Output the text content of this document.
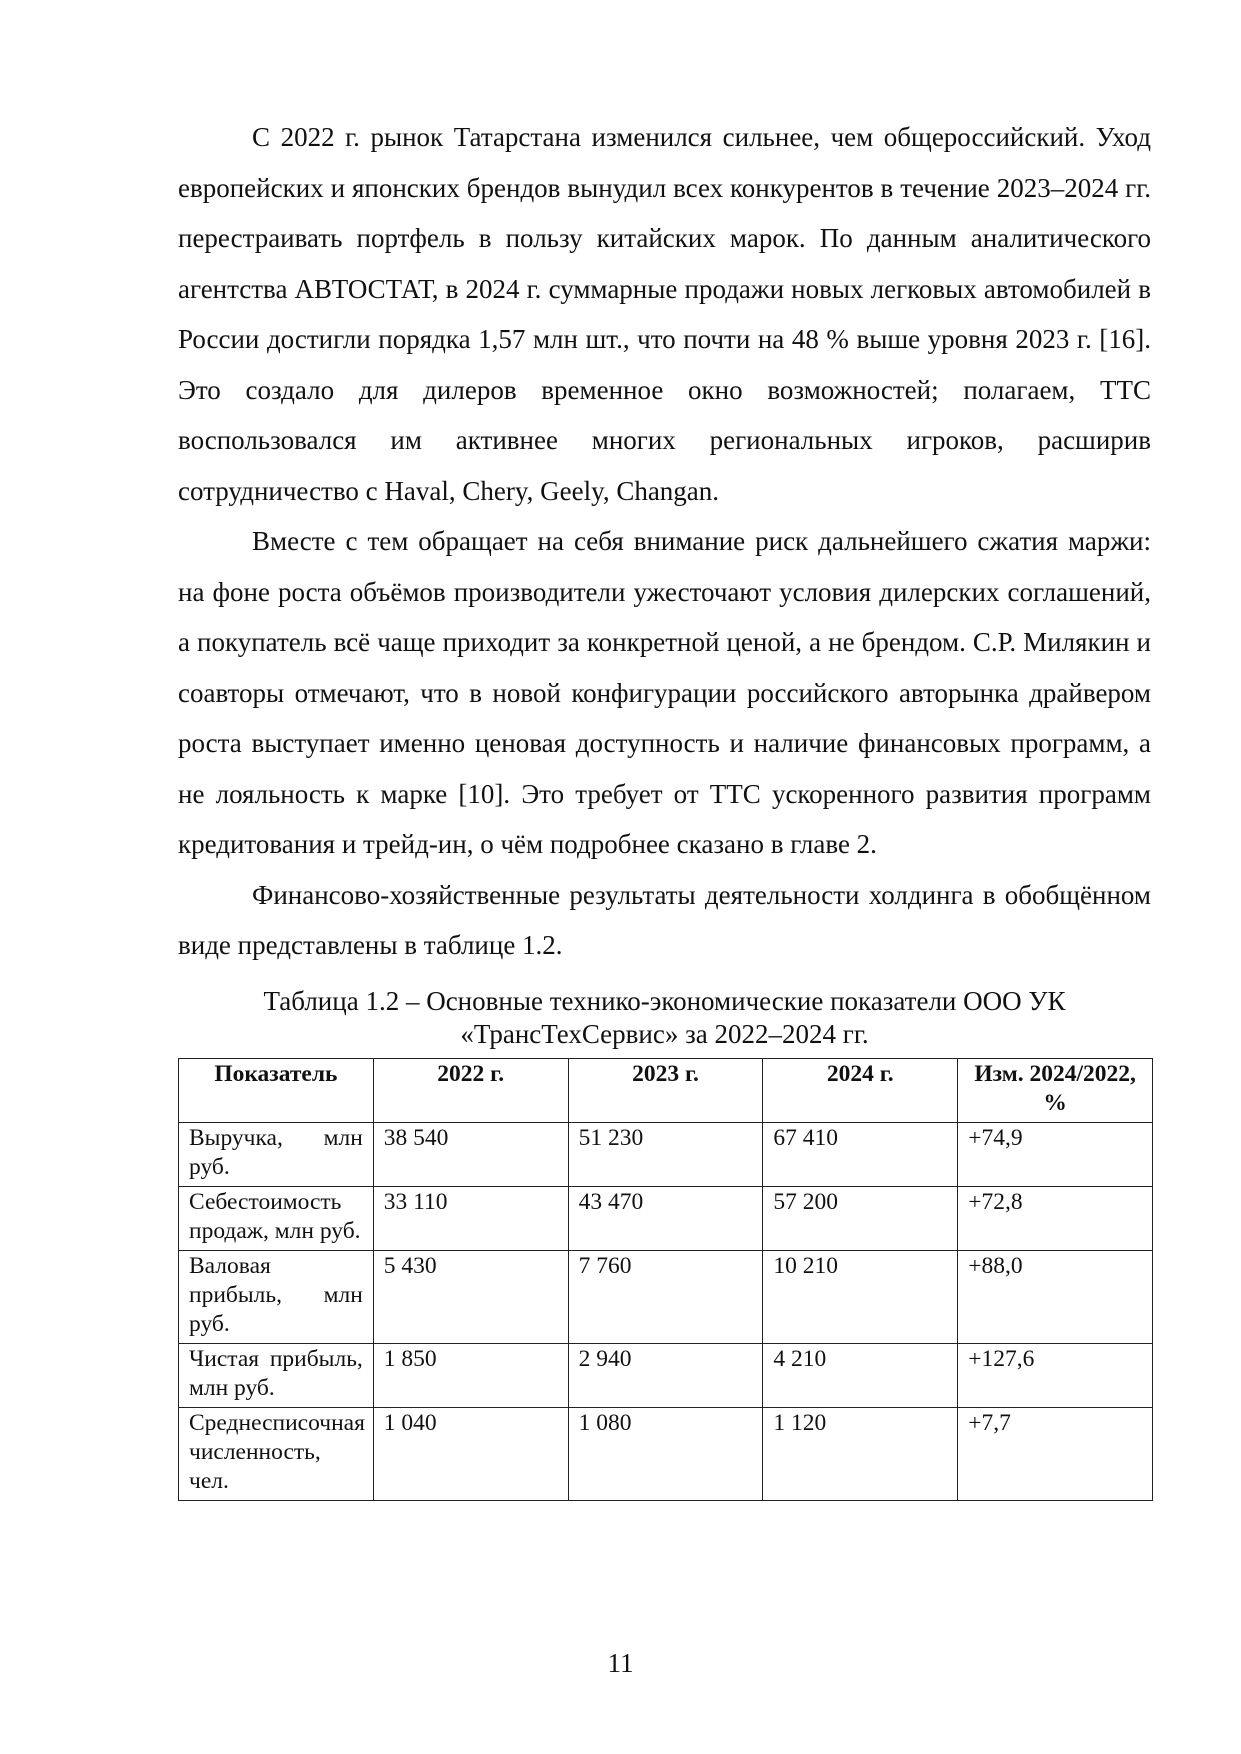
С 2022 г. рынок Татарстана изменился сильнее, чем общероссийский. Уход европейских и японских брендов вынудил всех конкурентов в течение 2023–2024 гг. перестраивать портфель в пользу китайских марок. По данным аналитического агентства АВТОСТАТ, в 2024 г. суммарные продажи новых легковых автомобилей в России достигли порядка 1,57 млн шт., что почти на 48 % выше уровня 2023 г. [16]. Это создало для дилеров временное окно возможностей; полагаем, ТТС воспользовался им активнее многих региональных игроков, расширив сотрудничество с Haval, Chery, Geely, Changan.

Вместе с тем обращает на себя внимание риск дальнейшего сжатия маржи: на фоне роста объёмов производители ужесточают условия дилерских соглашений, а покупатель всё чаще приходит за конкретной ценой, а не брендом. С.Р. Милякин и соавторы отмечают, что в новой конфигурации российского авторынка драйвером роста выступает именно ценовая доступность и наличие финансовых программ, а не лояльность к марке [10]. Это требует от ТТС ускоренного развития программ кредитования и трейд-ин, о чём подробнее сказано в главе 2.

Финансово-хозяйственные результаты деятельности холдинга в обобщённом виде представлены в таблице 1.2.

Таблица 1.2 – Основные технико-экономические показатели ООО УК
«ТрансТехСервис» за 2022–2024 гг.
Показатель	2022 г.	2023 г.	2024 г.	Изм. 2024/2022, %
Выручка, млн руб.	38 540	51 230	67 410	+74,9
Себестоимость продаж, млн руб.	33 110	43 470	57 200	+72,8
Валовая прибыль, млн руб.	5 430	7 760	10 210	+88,0
Чистая прибыль, млн руб.	1 850	2 940	4 210	+127,6
Среднесписочная численность, чел.	1 040	1 080	1 120	+7,7
11
